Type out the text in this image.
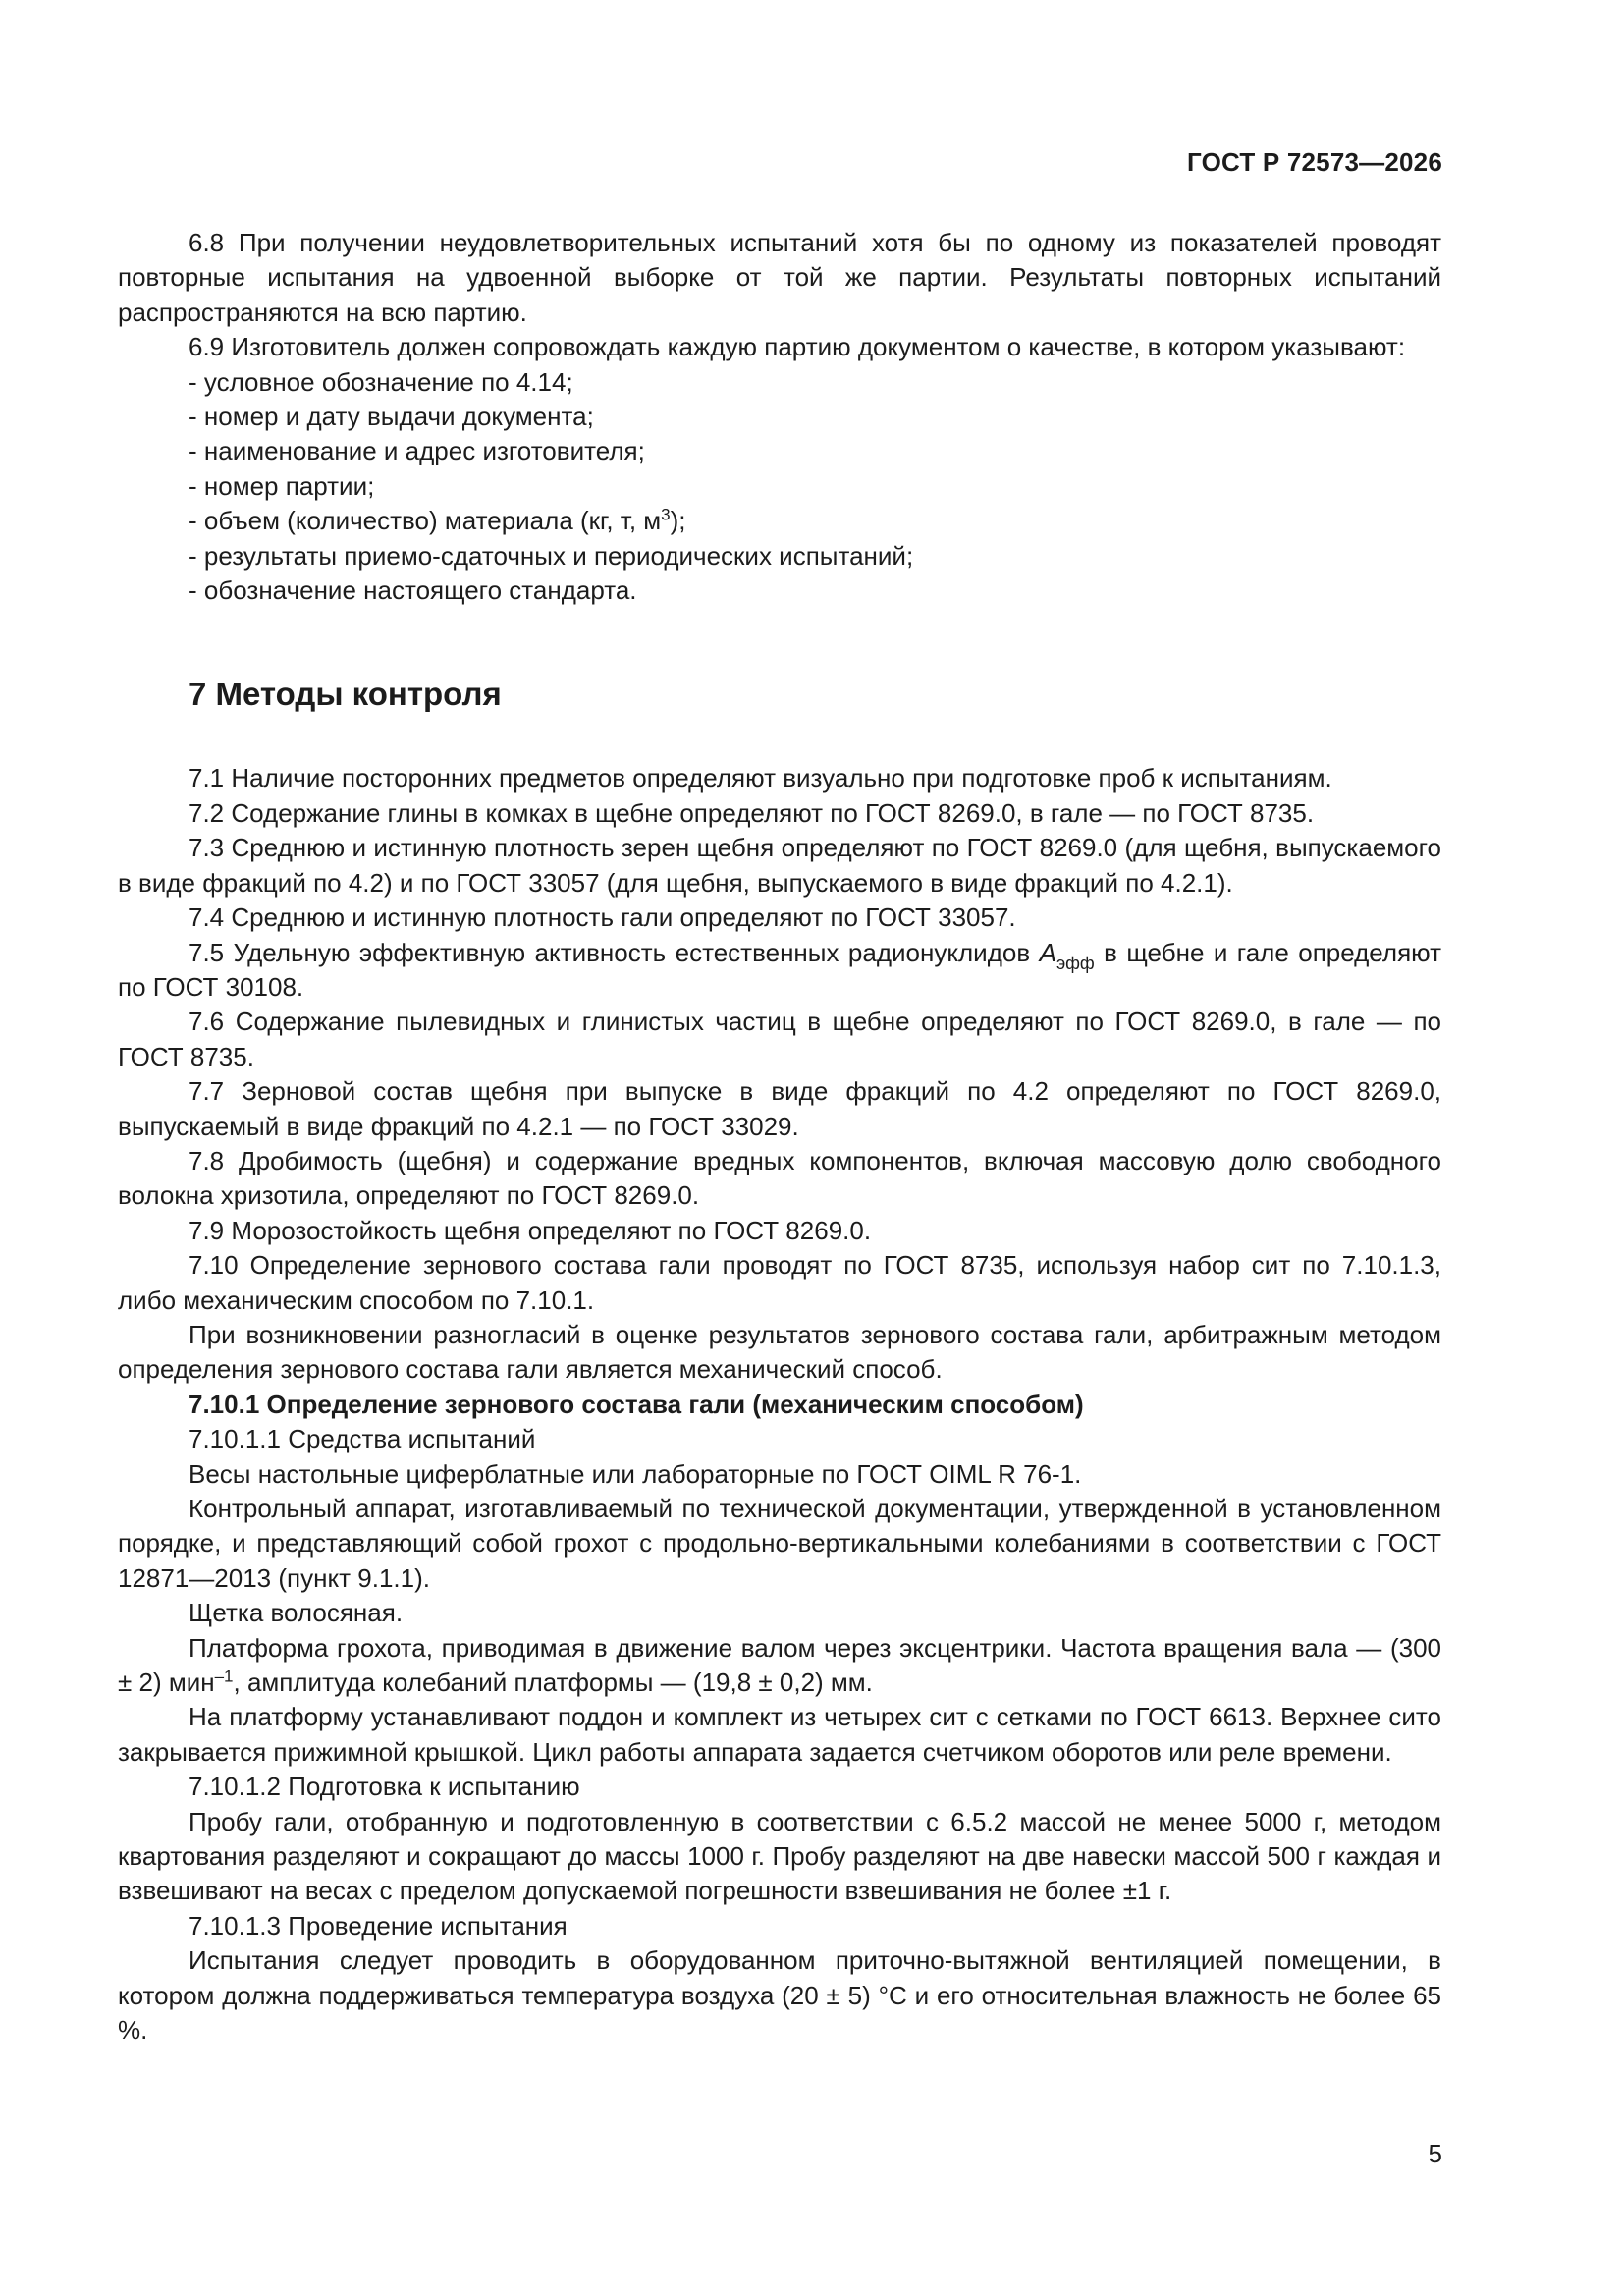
ГОСТ Р 72573—2026

6.8 При получении неудовлетворительных испытаний хотя бы по одному из показателей проводят повторные испытания на удвоенной выборке от той же партии. Результаты повторных испытаний распространяются на всю партию.

6.9 Изготовитель должен сопровождать каждую партию документом о качестве, в котором указывают:

- условное обозначение по 4.14;
- номер и дату выдачи документа;
- наименование и адрес изготовителя;
- номер партии;
- объем (количество) материала (кг, т, $м^3$);
- результаты приемо-сдаточных и периодических испытаний;
- обозначение настоящего стандарта.
7 Методы контроля

7.1 Наличие посторонних предметов определяют визуально при подготовке проб к испытаниям.

7.2 Содержание глины в комках в щебне определяют по ГОСТ 8269.0, в гале — по ГОСТ 8735.

7.3 Среднюю и истинную плотность зерен щебня определяют по ГОСТ 8269.0 (для щебня, выпускаемого в виде фракций по 4.2) и по ГОСТ 33057 (для щебня, выпускаемого в виде фракций по 4.2.1).

7.4 Среднюю и истинную плотность гали определяют по ГОСТ 33057.

7.5 Удельную эффективную активность естественных радионуклидов $A_{эфф}$ в щебне и гале определяют по ГОСТ 30108.

7.6 Содержание пылевидных и глинистых частиц в щебне определяют по ГОСТ 8269.0, в гале — по ГОСТ 8735.

7.7 Зерновой состав щебня при выпуске в виде фракций по 4.2 определяют по ГОСТ 8269.0, выпускаемый в виде фракций по 4.2.1 — по ГОСТ 33029.

7.8 Дробимость (щебня) и содержание вредных компонентов, включая массовую долю свободного волокна хризотила, определяют по ГОСТ 8269.0.

7.9 Морозостойкость щебня определяют по ГОСТ 8269.0.

7.10 Определение зернового состава гали проводят по ГОСТ 8735, используя набор сит по 7.10.1.3, либо механическим способом по 7.10.1.

При возникновении разногласий в оценке результатов зернового состава гали, арбитражным методом определения зернового состава гали является механический способ.

7.10.1 Определение зернового состава гали (механическим способом)

7.10.1.1 Средства испытаний

Весы настольные циферблатные или лабораторные по ГОСТ OIML R 76-1.

Контрольный аппарат, изготавливаемый по технической документации, утвержденной в установленном порядке, и представляющий собой грохот с продольно-вертикальными колебаниями в соответствии с ГОСТ 12871—2013 (пункт 9.1.1).

Щетка волосяная.

Платформа грохота, приводимая в движение валом через эксцентрики. Частота вращения вала — (300 ± 2) мин$^{-1}$, амплитуда колебаний платформы — (19,8 ± 0,2) мм.

На платформу устанавливают поддон и комплект из четырех сит с сетками по ГОСТ 6613. Верхнее сито закрывается прижимной крышкой. Цикл работы аппарата задается счетчиком оборотов или реле времени.

7.10.1.2 Подготовка к испытанию

Пробу гали, отобранную и подготовленную в соответствии с 6.5.2 массой не менее 5000 г, методом квартования разделяют и сокращают до массы 1000 г. Пробу разделяют на две навески массой 500 г каждая и взвешивают на весах с пределом допускаемой погрешности взвешивания не более ±1 г.

7.10.1.3 Проведение испытания

Испытания следует проводить в оборудованном приточно-вытяжной вентиляцией помещении, в котором должна поддерживаться температура воздуха (20 ± 5) °С и его относительная влажность не более 65 %.

5
